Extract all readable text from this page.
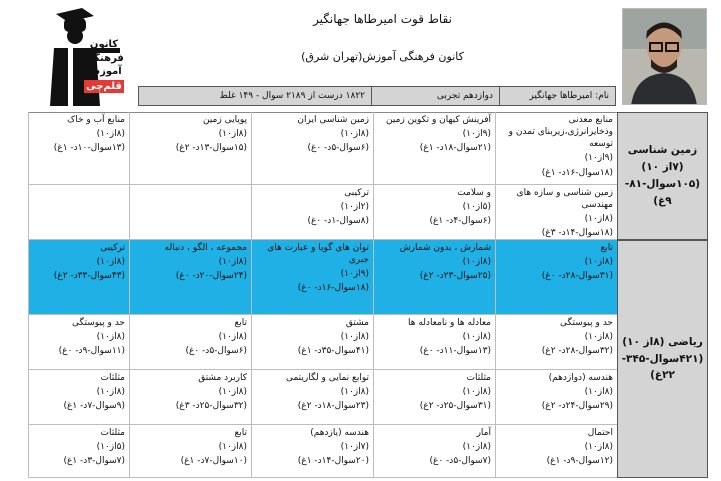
کانون
فرهنگی
آموزش
قلم‌چی
نقاط قوت امیرطاها جهانگیر
کانون فرهنگی آموزش(تهران شرق)
نام: امیرطاها جهانگیر
دوازدهم تجربی
۱۸۲۲ درست از ۲۱۸۹ سوال - ۱۴۹ غلط
منابع معدنی وذخایرانرژی،زیربنای تمدن و توسعه
(۹از۱۰)
(۱۸سوال-۱۶د- ۱غ)
آفرینش کیهان و تکوین زمین
(۹از۱۰)
(۲۱سوال-۱۸د- ۱غ)
زمین شناسی ایران
(۸از۱۰)
(۶سوال-۵د- ۰غ)
پویایی زمین
(۸از۱۰)
(۱۵سوال-۱۳د- ۲غ)
منابع آب و خاک
(۸از۱۰)
(۱۳سوال-۱۰د- ۱غ)
زمین شناسی و سازه های مهندسی
(۸از۱۰)
(۱۸سوال-۱۴د- ۳غ)
و سلامت
(۵از۱۰)
(۶سوال-۴د- ۱غ)
ترکیبی
(۲از۱۰)
(۸سوال-۱د- ۰غ)
تابع
(۸از۱۰)
(۳۱سوال-۲۸د- ۰غ)
شمارش ، بدون شمارش
(۸از۱۰)
(۲۵سوال-۲۳د- ۲غ)
توان های گویا و عبارت های جبری
(۹از۱۰)
(۱۸سوال-۱۶د- ۰غ)
مجموعه ، الگو ، دنباله
(۸از۱۰)
(۲۴سوال-۲۰د- ۰غ)
ترکیبی
(۸از۱۰)
(۴۳سوال-۳۳د- ۲غ)
حد و پیوستگی
(۸از۱۰)
(۳۲سوال-۲۸د- ۲غ)
معادله ها و نامعادله ها
(۸از۱۰)
(۱۳سوال-۱۱د- ۰غ)
مشتق
(۸از۱۰)
(۴۱سوال-۳۵د- ۱غ)
تابع
(۸از۱۰)
(۶سوال-۵د- ۰غ)
حد و پیوستگی
(۸از۱۰)
(۱۱سوال-۹د- ۰غ)
هندسه (دوازدهم)
(۸از۱۰)
(۲۹سوال-۲۴د- ۲غ)
مثلثات
(۸از۱۰)
(۳۱سوال-۲۵د- ۲غ)
توابع نمایی و لگاریتمی
(۸از۱۰)
(۲۳سوال-۱۸د- ۲غ)
کاربرد مشتق
(۸از۱۰)
(۳۲سوال-۲۵د- ۳غ)
مثلثات
(۸از۱۰)
(۹سوال-۷د- ۱غ)
احتمال
(۸از۱۰)
(۱۲سوال-۹د- ۱غ)
آمار
(۸از۱۰)
(۷سوال-۵د- ۰غ)
هندسه (یازدهم)
(۷از۱۰)
(۲۰سوال-۱۴د- ۱غ)
تابع
(۸از۱۰)
(۱۰سوال-۷د- ۱غ)
مثلثات
(۵از۱۰)
(۷سوال-۳د- ۱غ)
زمین شناسی (۷از ۱۰) (۱۰۵سوال-۸۱- ۹غ)
ریاضی (۸از ۱۰) (۴۲۱سوال-۳۴۵- ۲۲غ)
